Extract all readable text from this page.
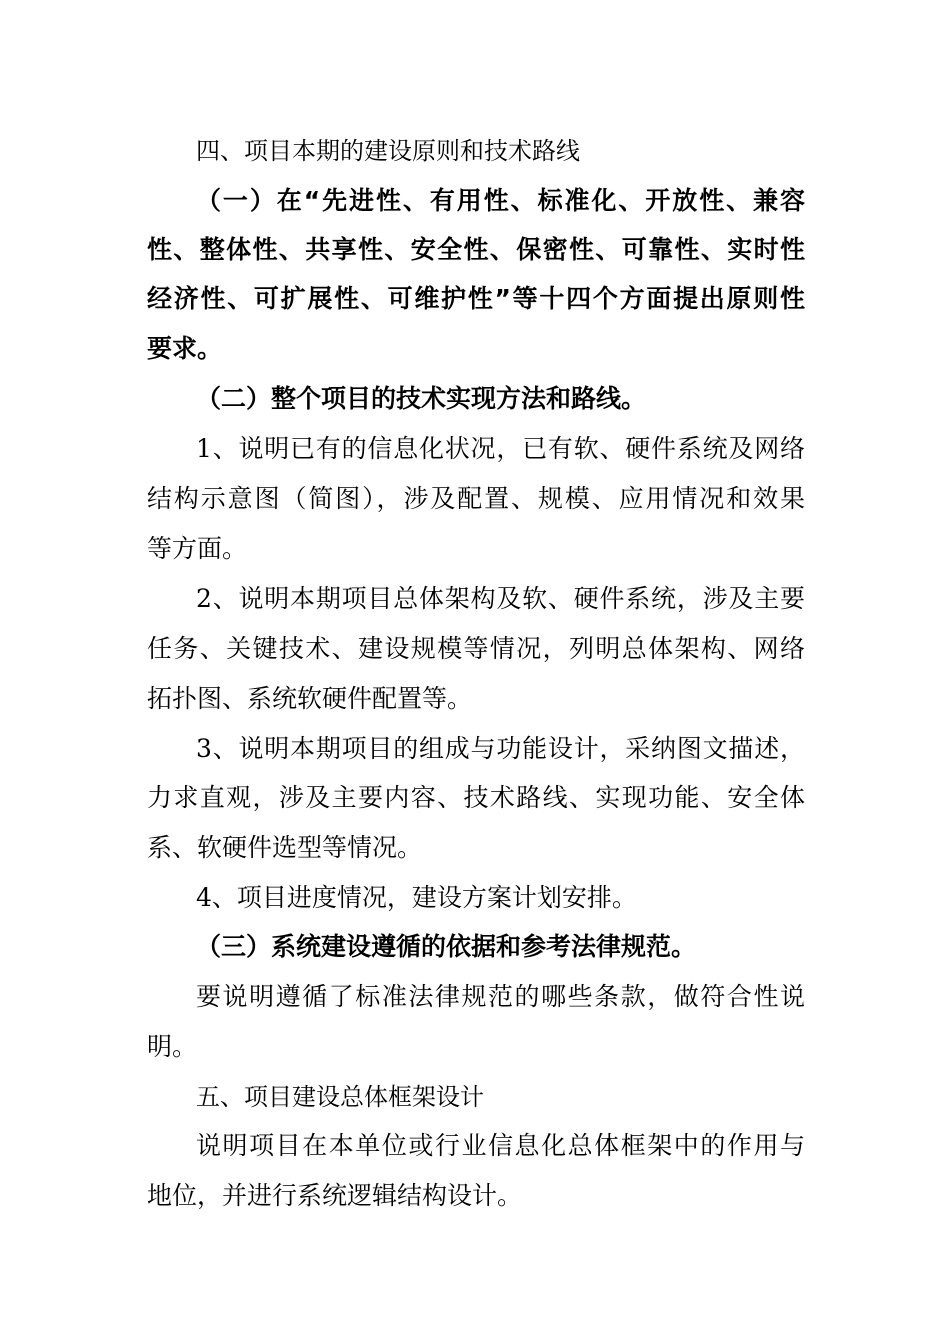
四、项目本期的建设原则和技术路线
（一）在“先进性、有用性、标准化、开放性、兼容
性、整体性、共享性、安全性、保密性、可靠性、实时性
经济性、可扩展性、可维护性”等十四个方面提出原则性
要求。
（二）整个项目的技术实现方法和路线。
1、说明已有的信息化状况，已有软、硬件系统及网络
结构示意图（简图），涉及配置、规模、应用情况和效果
等方面。
2、说明本期项目总体架构及软、硬件系统，涉及主要
任务、关键技术、建设规模等情况，列明总体架构、网络
拓扑图、系统软硬件配置等。
3、说明本期项目的组成与功能设计，采纳图文描述，
力求直观，涉及主要内容、技术路线、实现功能、安全体
系、软硬件选型等情况。
4、项目进度情况，建设方案计划安排。
（三）系统建设遵循的依据和参考法律规范。
要说明遵循了标准法律规范的哪些条款，做符合性说
明。
五、项目建设总体框架设计
说明项目在本单位或行业信息化总体框架中的作用与
地位，并进行系统逻辑结构设计。
